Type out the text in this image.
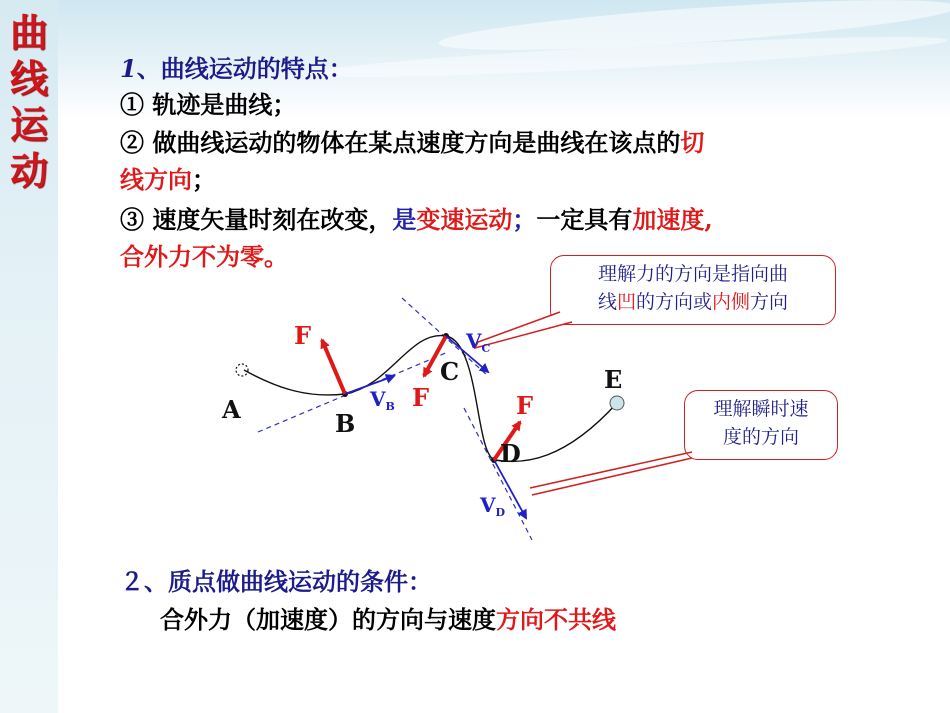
曲
线
运
动
1、曲线运动的特点：
① 轨迹是曲线；
② 做曲线运动的物体在某点速度方向是曲线在该点的切
线方向；
③ 速度矢量时刻在改变，是变速运动；一定具有加速度,
合外力不为零。
理解力的方向是指向曲
线凹的方向或内侧方向
理解瞬时速
度的方向
A	B
C
D
E
F
F	F
$V_B$
$V_C$
$V_D$
２、质点做曲线运动的条件：
合外力（加速度）的方向与速度方向不共线
